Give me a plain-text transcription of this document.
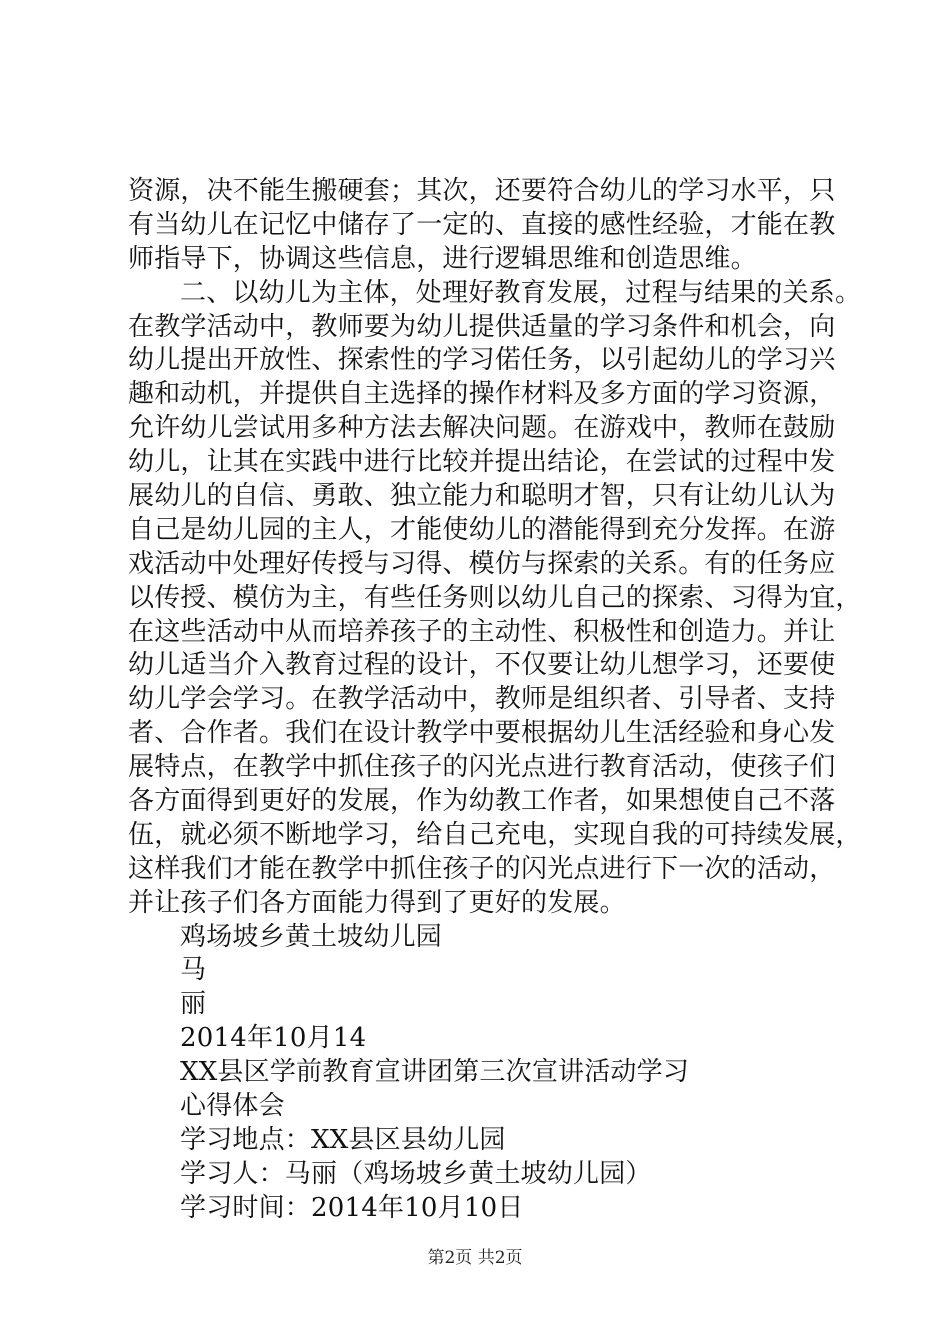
资源，决不能生搬硬套；其次，还要符合幼儿的学习水平，只
有当幼儿在记忆中储存了一定的、直接的感性经验，才能在教
师指导下，协调这些信息，进行逻辑思维和创造思维。
二、以幼儿为主体，处理好教育发展，过程与结果的关系。
在教学活动中，教师要为幼儿提供适量的学习条件和机会，向
幼儿提出开放性、探索性的学习偌任务，以引起幼儿的学习兴
趣和动机，并提供自主选择的操作材料及多方面的学习资源，
允许幼儿尝试用多种方法去解决问题。在游戏中，教师在鼓励
幼儿，让其在实践中进行比较并提出结论，在尝试的过程中发
展幼儿的自信、勇敢、独立能力和聪明才智，只有让幼儿认为
自己是幼儿园的主人，才能使幼儿的潜能得到充分发挥。在游
戏活动中处理好传授与习得、模仿与探索的关系。有的任务应
以传授、模仿为主，有些任务则以幼儿自己的探索、习得为宜，
在这些活动中从而培养孩子的主动性、积极性和创造力。并让
幼儿适当介入教育过程的设计，不仅要让幼儿想学习，还要使
幼儿学会学习。在教学活动中，教师是组织者、引导者、支持
者、合作者。我们在设计教学中要根据幼儿生活经验和身心发
展特点，在教学中抓住孩子的闪光点进行教育活动，使孩子们
各方面得到更好的发展，作为幼教工作者，如果想使自己不落
伍，就必须不断地学习，给自己充电，实现自我的可持续发展，
这样我们才能在教学中抓住孩子的闪光点进行下一次的活动，
并让孩子们各方面能力得到了更好的发展。
鸡场坡乡黄土坡幼儿园
马
丽
2014年10月14
XX县区学前教育宣讲团第三次宣讲活动学习
心得体会
学习地点：XX县区县幼儿园
学习人：马丽（鸡场坡乡黄土坡幼儿园）
学习时间：2014年10月10日
第2页 共2页
